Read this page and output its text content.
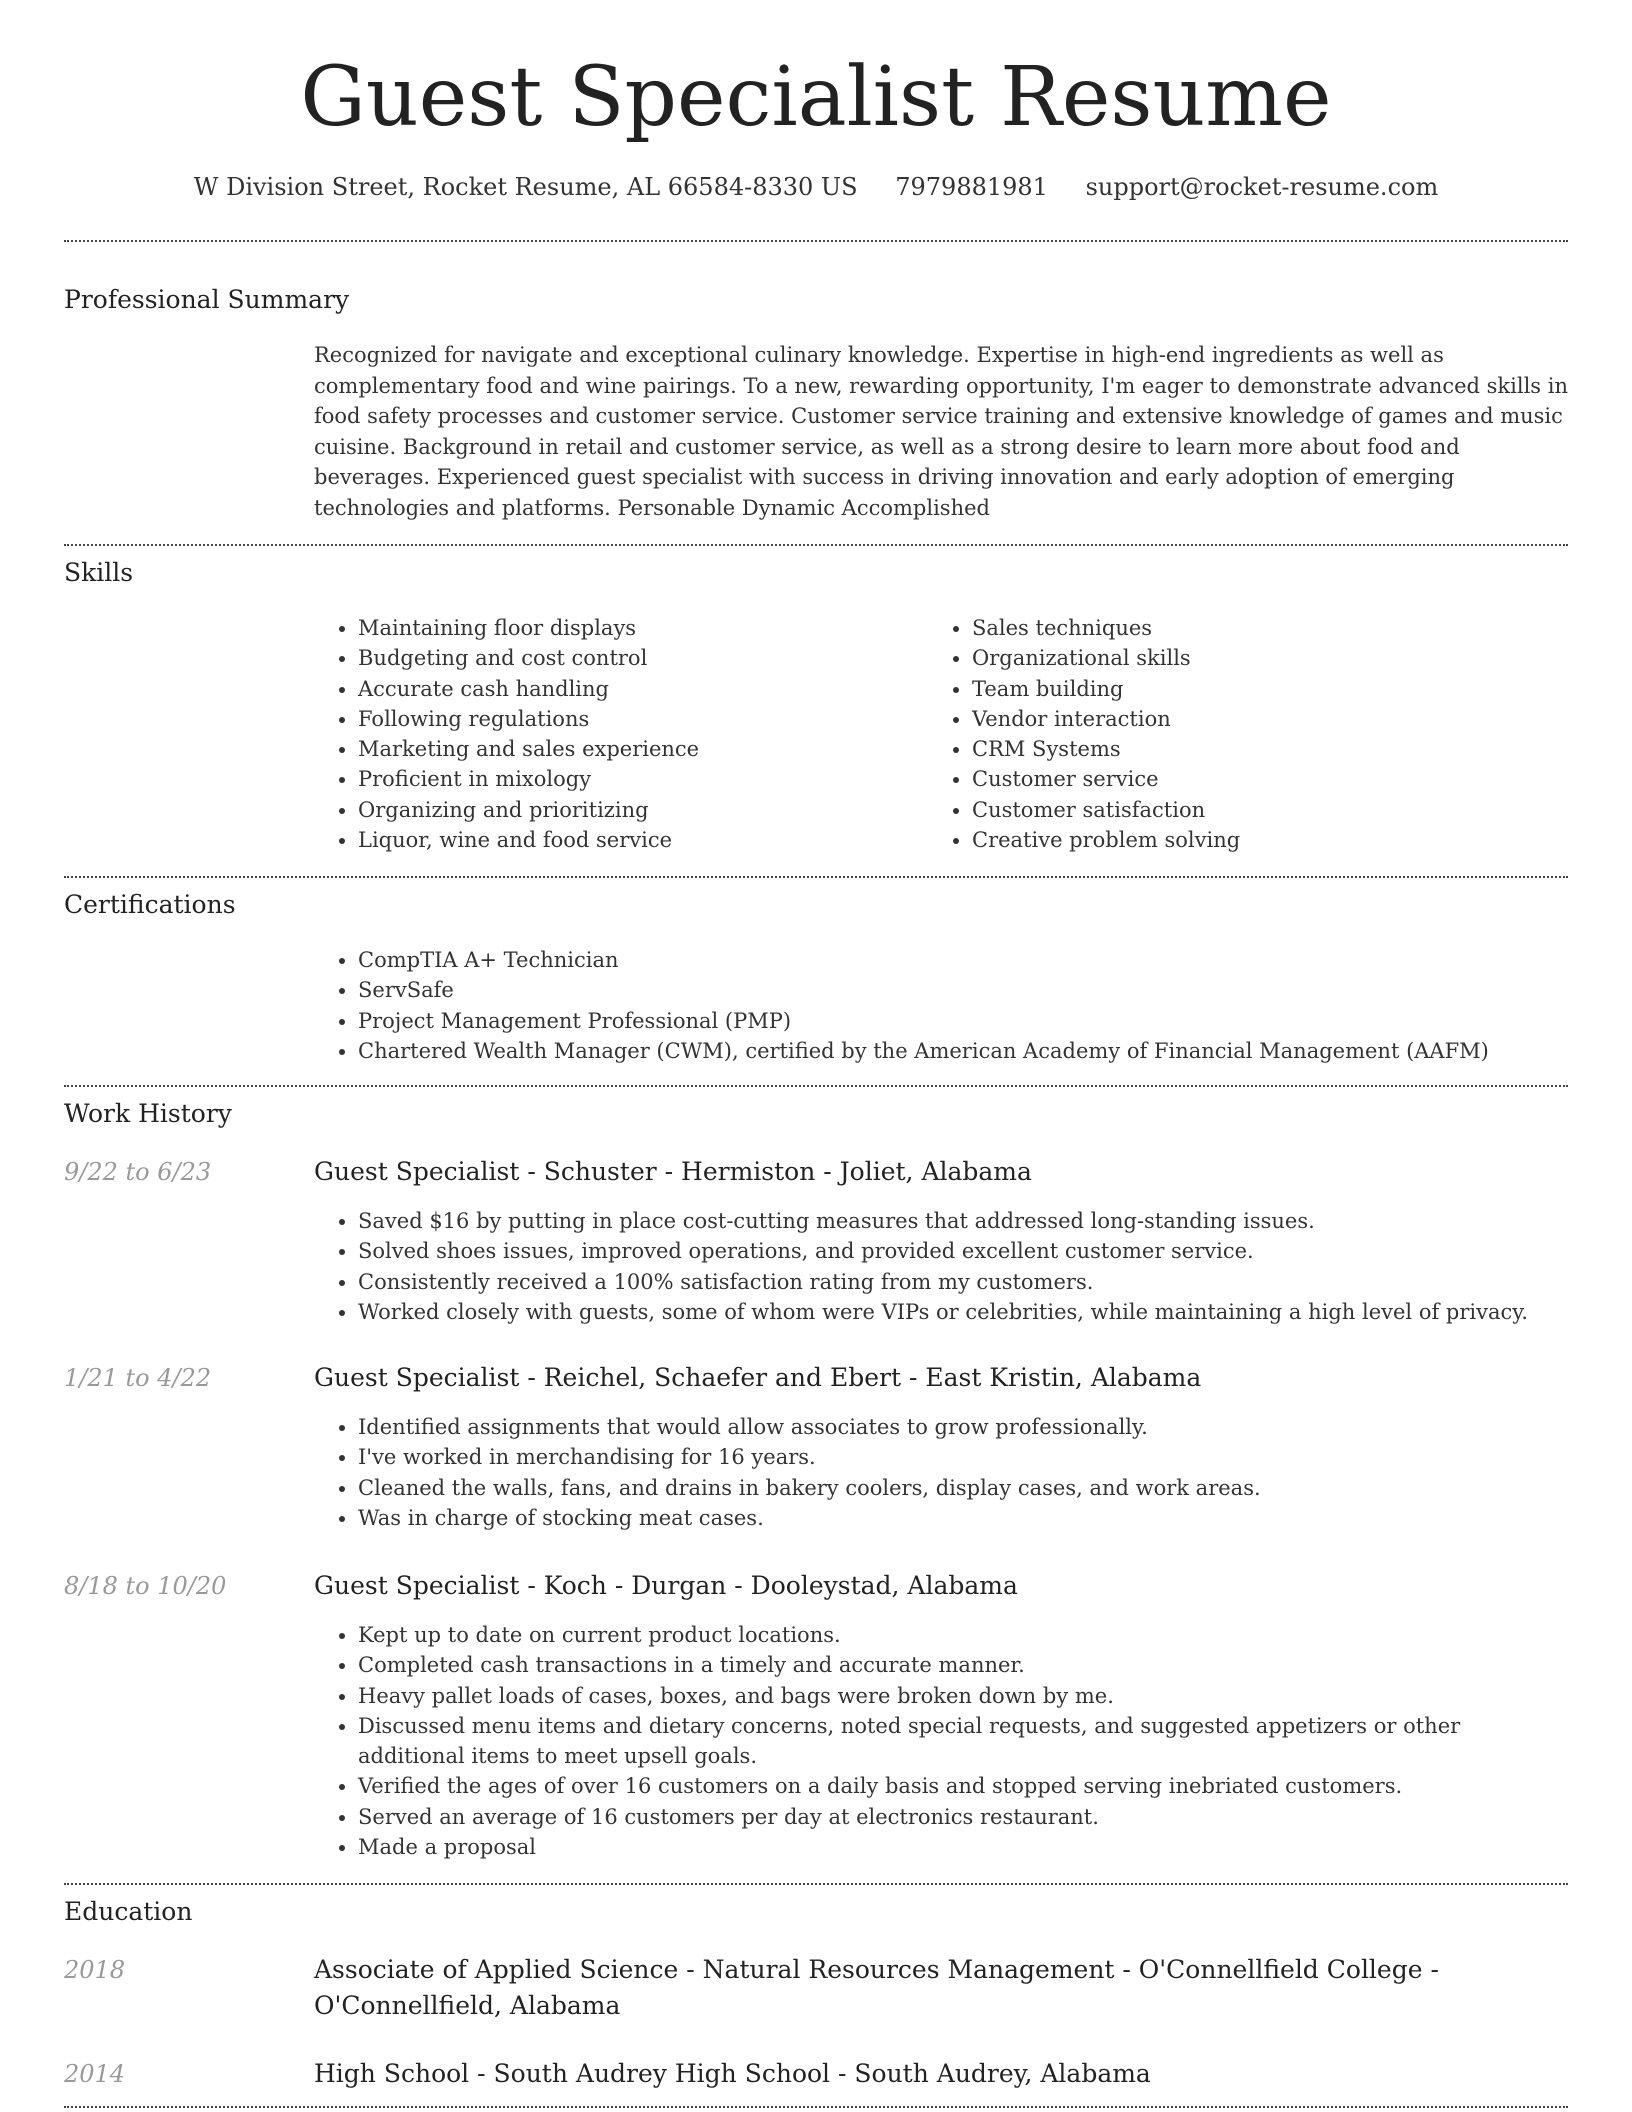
Guest Specialist Resume
W Division Street, Rocket Resume, AL 66584-8330 US 7979881981 support@rocket-resume.com
Professional Summary
Recognized for navigate and exceptional culinary knowledge. Expertise in high-end ingredients as well as complementary food and wine pairings. To a new, rewarding opportunity, I'm eager to demonstrate advanced skills in food safety processes and customer service. Customer service training and extensive knowledge of games and music cuisine. Background in retail and customer service, as well as a strong desire to learn more about food and beverages. Experienced guest specialist with success in driving innovation and early adoption of emerging technologies and platforms. Personable Dynamic Accomplished
Skills
• Maintaining floor displays
• Budgeting and cost control
• Accurate cash handling
• Following regulations
• Marketing and sales experience
• Proficient in mixology
• Organizing and prioritizing
• Liquor, wine and food service
• Sales techniques
• Organizational skills
• Team building
• Vendor interaction
• CRM Systems
• Customer service
• Customer satisfaction
• Creative problem solving
Certifications
• CompTIA A+ Technician
• ServSafe
• Project Management Professional (PMP)
• Chartered Wealth Manager (CWM), certified by the American Academy of Financial Management (AAFM)
Work History
9/22 to 6/23	Guest Specialist - Schuster - Hermiston - Joliet, Alabama
• Saved $16 by putting in place cost-cutting measures that addressed long-standing issues.
• Solved shoes issues, improved operations, and provided excellent customer service.
• Consistently received a 100% satisfaction rating from my customers.
• Worked closely with guests, some of whom were VIPs or celebrities, while maintaining a high level of privacy.
1/21 to 4/22	Guest Specialist - Reichel, Schaefer and Ebert - East Kristin, Alabama
• Identified assignments that would allow associates to grow professionally.
• I've worked in merchandising for 16 years.
• Cleaned the walls, fans, and drains in bakery coolers, display cases, and work areas.
• Was in charge of stocking meat cases.
8/18 to 10/20	Guest Specialist - Koch - Durgan - Dooleystad, Alabama
• Kept up to date on current product locations.
• Completed cash transactions in a timely and accurate manner.
• Heavy pallet loads of cases, boxes, and bags were broken down by me.
• Discussed menu items and dietary concerns, noted special requests, and suggested appetizers or other additional items to meet upsell goals.
• Verified the ages of over 16 customers on a daily basis and stopped serving inebriated customers.
• Served an average of 16 customers per day at electronics restaurant.
• Made a proposal
Education
2018	Associate of Applied Science - Natural Resources Management - O'Connellfield College - O'Connellfield, Alabama
2014	High School - South Audrey High School - South Audrey, Alabama
